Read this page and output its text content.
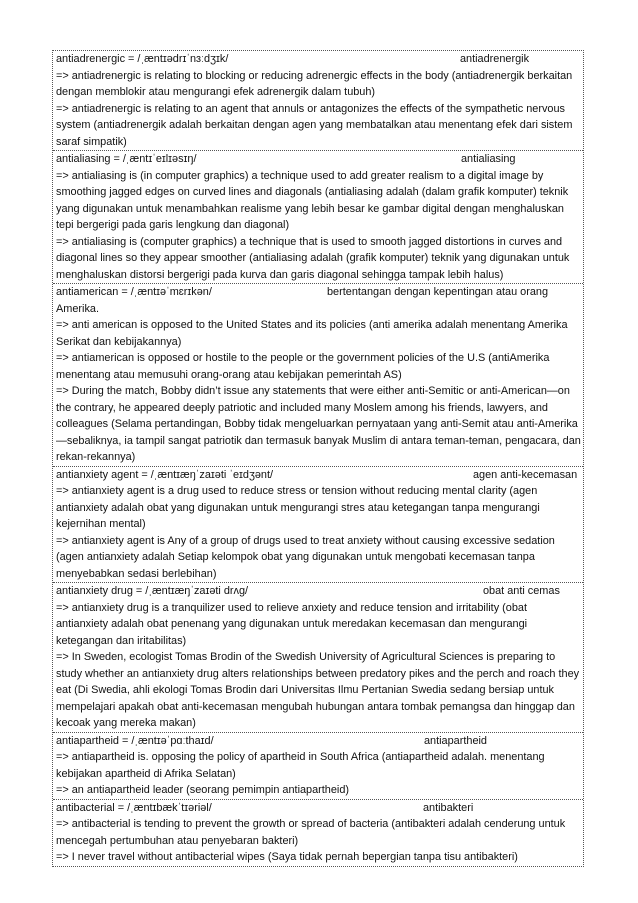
antiadrenergic = /ˌæntɪədrɪˈnɜːdʒɪk/	antiadrenergik
=> antiadrenergic is relating to blocking or reducing adrenergic effects in the body (antiadrenergik berkaitan dengan memblokir atau mengurangi efek adrenergik dalam tubuh)
=> antiadrenergic is relating to an agent that annuls or antagonizes the effects of the sympathetic nervous system (antiadrenergik adalah berkaitan dengan agen yang membatalkan atau menentang efek dari sistem saraf simpatik)
antialiasing = /ˌæntɪˈeɪlɪəsɪŋ/	antialiasing
=> antialiasing is (in computer graphics) a technique used to add greater realism to a digital image by smoothing jagged edges on curved lines and diagonals (antialiasing adalah (dalam grafik komputer) teknik yang digunakan untuk menambahkan realisme yang lebih besar ke gambar digital dengan menghaluskan tepi bergerigi pada garis lengkung dan diagonal)
=> antialiasing is (computer graphics) a technique that is used to smooth jagged distortions in curves and diagonal lines so they appear smoother (antialiasing adalah (grafik komputer) teknik yang digunakan untuk menghaluskan distorsi bergerigi pada kurva dan garis diagonal sehingga tampak lebih halus)
antiamerican = /ˌæntɪəˈmɛrɪkən/	bertentangan dengan kepentingan atau orang
Amerika.
=> anti american is opposed to the United States and its policies (anti amerika adalah menentang Amerika Serikat dan kebijakannya)
=> antiamerican is opposed or hostile to the people or the government policies of the U.S (antiAmerika menentang atau memusuhi orang-orang atau kebijakan pemerintah AS)
=> During the match, Bobby didn’t issue any statements that were either anti-Semitic or anti-American—on the contrary, he appeared deeply patriotic and included many Moslem among his friends, lawyers, and colleagues (Selama pertandingan, Bobby tidak mengeluarkan pernyataan yang anti-Semit atau anti-Amerika—sebaliknya, ia tampil sangat patriotik dan termasuk banyak Muslim di antara teman-teman, pengacara, dan rekan-rekannya)
antianxiety agent = /ˌæntɪæŋˈzaɪəti ˈeɪdʒənt/	agen anti-kecemasan
=> antianxiety agent is a drug used to reduce stress or tension without reducing mental clarity (agen antianxiety adalah obat yang digunakan untuk mengurangi stres atau ketegangan tanpa mengurangi kejernihan mental)
=> antianxiety agent is Any of a group of drugs used to treat anxiety without causing excessive sedation (agen antianxiety adalah Setiap kelompok obat yang digunakan untuk mengobati kecemasan tanpa menyebabkan sedasi berlebihan)
antianxiety drug = /ˌæntɪæŋˈzaɪəti drʌg/	obat anti cemas
=> antianxiety drug is a tranquilizer used to relieve anxiety and reduce tension and irritability (obat antianxiety adalah obat penenang yang digunakan untuk meredakan kecemasan dan mengurangi ketegangan dan iritabilitas)
=> In Sweden, ecologist Tomas Brodin of the Swedish University of Agricultural Sciences is preparing to study whether an antianxiety drug alters relationships between predatory pikes and the perch and roach they eat (Di Swedia, ahli ekologi Tomas Brodin dari Universitas Ilmu Pertanian Swedia sedang bersiap untuk mempelajari apakah obat anti-kecemasan mengubah hubungan antara tombak pemangsa dan hinggap dan kecoak yang mereka makan)
antiapartheid = /ˌæntɪəˈpɑːthaɪd/	antiapartheid
=> antiapartheid is. opposing the policy of apartheid in South Africa (antiapartheid adalah. menentang kebijakan apartheid di Afrika Selatan)
=> an antiapartheid leader (seorang pemimpin antiapartheid)
antibacterial = /ˌæntɪbækˈtɪəriəl/	antibakteri
=> antibacterial is tending to prevent the growth or spread of bacteria (antibakteri adalah cenderung untuk mencegah pertumbuhan atau penyebaran bakteri)
=> I never travel without antibacterial wipes (Saya tidak pernah bepergian tanpa tisu antibakteri)
